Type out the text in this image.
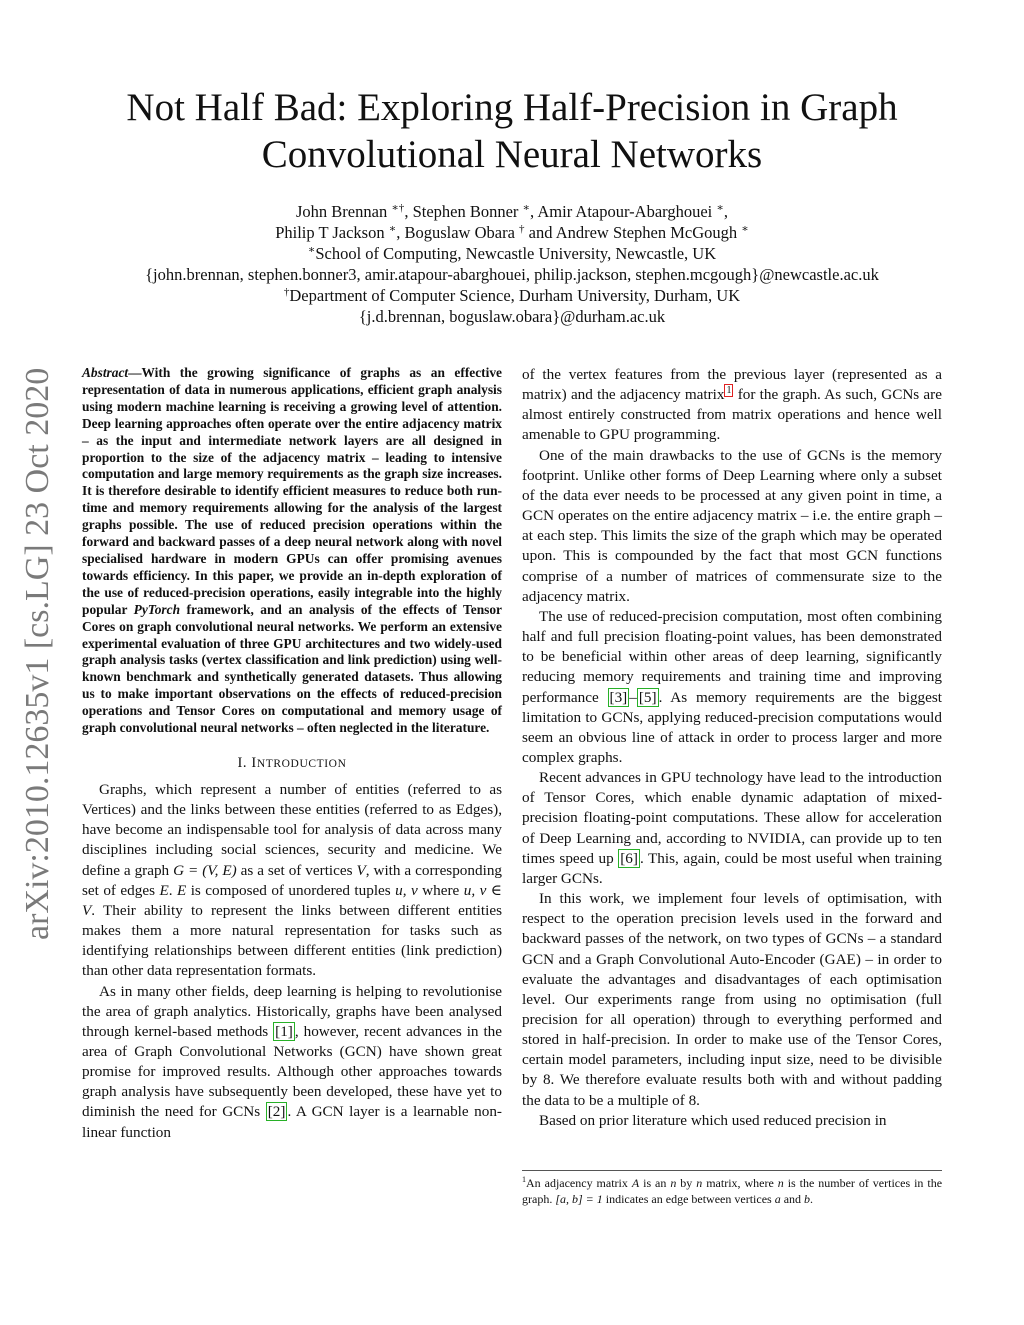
Not Half Bad: Exploring Half-Precision in Graph Convolutional Neural Networks
John Brennan ∗†, Stephen Bonner ∗, Amir Atapour-Abarghouei ∗,
Philip T Jackson ∗, Boguslaw Obara † and Andrew Stephen McGough ∗
∗School of Computing, Newcastle University, Newcastle, UK
{john.brennan, stephen.bonner3, amir.atapour-abarghouei, philip.jackson, stephen.mcgough}@newcastle.ac.uk
†Department of Computer Science, Durham University, Durham, UK
{j.d.brennan, boguslaw.obara}@durham.ac.uk
arXiv:2010.12635v1 [cs.LG] 23 Oct 2020	Abstract—With the growing significance of graphs as an effective representation of data in numerous applications, efficient graph analysis using modern machine learning is receiving a growing level of attention. Deep learning approaches often operate over the entire adjacency matrix – as the input and intermediate network layers are all designed in proportion to the size of the adjacency matrix – leading to intensive computation and large memory requirements as the graph size increases. It is therefore desirable to identify efficient measures to reduce both run-time and memory requirements allowing for the analysis of the largest graphs possible. The use of reduced precision operations within the forward and backward passes of a deep neural network along with novel specialised hardware in modern GPUs can offer promising avenues towards efficiency. In this paper, we provide an in-depth exploration of the use of reduced-precision operations, easily integrable into the highly popular PyTorch framework, and an analysis of the effects of Tensor Cores on graph convolutional neural networks. We perform an extensive experimental evaluation of three GPU architectures and two widely-used graph analysis tasks (vertex classification and link prediction) using well-known benchmark and synthetically generated datasets. Thus allowing us to make important observations on the effects of reduced-precision operations and Tensor Cores on computational and memory usage of graph convolutional neural networks – often neglected in the literature.

I. INTRODUCTION

Graphs, which represent a number of entities (referred to as Vertices) and the links between these entities (referred to as Edges), have become an indispensable tool for analysis of data across many disciplines including social sciences, security and medicine. We define a graph G = (V, E) as a set of vertices V, with a corresponding set of edges E. E is composed of unordered tuples u, v where u, v ∈ V. Their ability to represent the links between different entities makes them a more natural representation for tasks such as identifying relationships between different entities (link prediction) than other data representation formats.

As in many other fields, deep learning is helping to revolutionise the area of graph analytics. Historically, graphs have been analysed through kernel-based methods [1] , however, recent advances in the area of Graph Convolutional Networks (GCN) have shown great promise for improved results. Although other approaches towards graph analysis have subsequently been developed, these have yet to diminish the need for GCNs [2] . A GCN layer is a learnable non-linear function

of the vertex features from the previous layer (represented as a matrix) and the adjacency matrix $^1$ for the graph. As such, GCNs are almost entirely constructed from matrix operations and hence well amenable to GPU programming.

One of the main drawbacks to the use of GCNs is the memory footprint. Unlike other forms of Deep Learning where only a subset of the data ever needs to be processed at any given point in time, a GCN operates on the entire adjacency matrix – i.e. the entire graph – at each step. This limits the size of the graph which may be operated upon. This is compounded by the fact that most GCN functions comprise of a number of matrices of commensurate size to the adjacency matrix.

The use of reduced-precision computation, most often combining half and full precision floating-point values, has been demonstrated to be beneficial within other areas of deep learning, significantly reducing memory requirements and training time and improving performance [3] – [5] . As memory requirements are the biggest limitation to GCNs, applying reduced-precision computations would seem an obvious line of attack in order to process larger and more complex graphs.

Recent advances in GPU technology have lead to the introduction of Tensor Cores, which enable dynamic adaptation of mixed-precision floating-point computations. These allow for acceleration of Deep Learning and, according to NVIDIA, can provide up to ten times speed up [6] . This, again, could be most useful when training larger GCNs.

In this work, we implement four levels of optimisation, with respect to the operation precision levels used in the forward and backward passes of the network, on two types of GCNs – a standard GCN and a Graph Convolutional Auto-Encoder (GAE) – in order to evaluate the advantages and disadvantages of each optimisation level. Our experiments range from using no optimisation (full precision for all operation) through to everything performed and stored in half-precision. In order to make use of the Tensor Cores, certain model parameters, including input size, need to be divisible by 8. We therefore evaluate results both with and without padding the data to be a multiple of 8.

Based on prior literature which used reduced precision in

$^1$An adjacency matrix A is an n by n matrix, where n is the number of vertices in the graph. [a, b] = 1 indicates an edge between vertices a and b.
